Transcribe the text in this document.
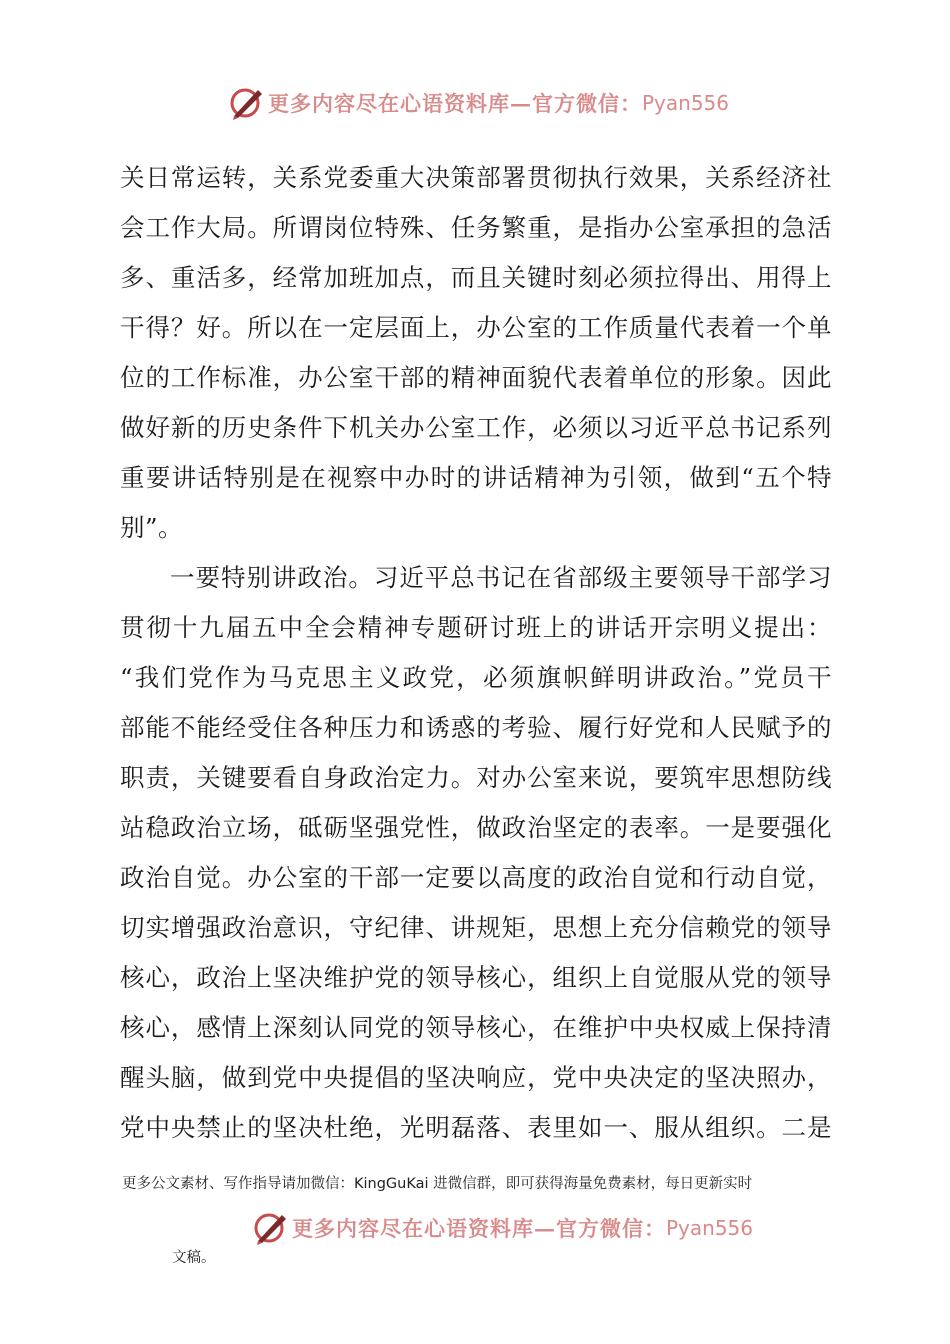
更多内容尽在心语资料库—官方微信： Pyan556
关日常运转，关系党委重大决策部署贯彻执行效果，关系经济社
会工作大局。所谓岗位特殊、任务繁重，是指办公室承担的急活
多、重活多，经常加班加点，而且关键时刻必须拉得出、用得上
干得？好。所以在一定层面上，办公室的工作质量代表着一个单
位的工作标准，办公室干部的精神面貌代表着单位的形象。因此
做好新的历史条件下机关办公室工作，必须以习近平总书记系列
重要讲话特别是在视察中办时的讲话精神为引领，做到“五个特
别”。
一要特别讲政治。习近平总书记在省部级主要领导干部学习
贯彻十九届五中全会精神专题研讨班上的讲话开宗明义提出：
“我们党作为马克思主义政党，必须旗帜鲜明讲政治。”党员干
部能不能经受住各种压力和诱惑的考验、履行好党和人民赋予的
职责，关键要看自身政治定力。对办公室来说，要筑牢思想防线
站稳政治立场，砥砺坚强党性，做政治坚定的表率。一是要强化
政治自觉。办公室的干部一定要以高度的政治自觉和行动自觉，
切实增强政治意识，守纪律、讲规矩，思想上充分信赖党的领导
核心，政治上坚决维护党的领导核心，组织上自觉服从党的领导
核心，感情上深刻认同党的领导核心，在维护中央权威上保持清
醒头脑，做到党中央提倡的坚决响应，党中央决定的坚决照办，
党中央禁止的坚决杜绝，光明磊落、表里如一、服从组织。二是
更多公文素材、写作指导请加微信：KingGuKai 进微信群，即可获得海量免费素材，每日更新实时
更多内容尽在心语资料库—官方微信： Pyan556
文稿。
